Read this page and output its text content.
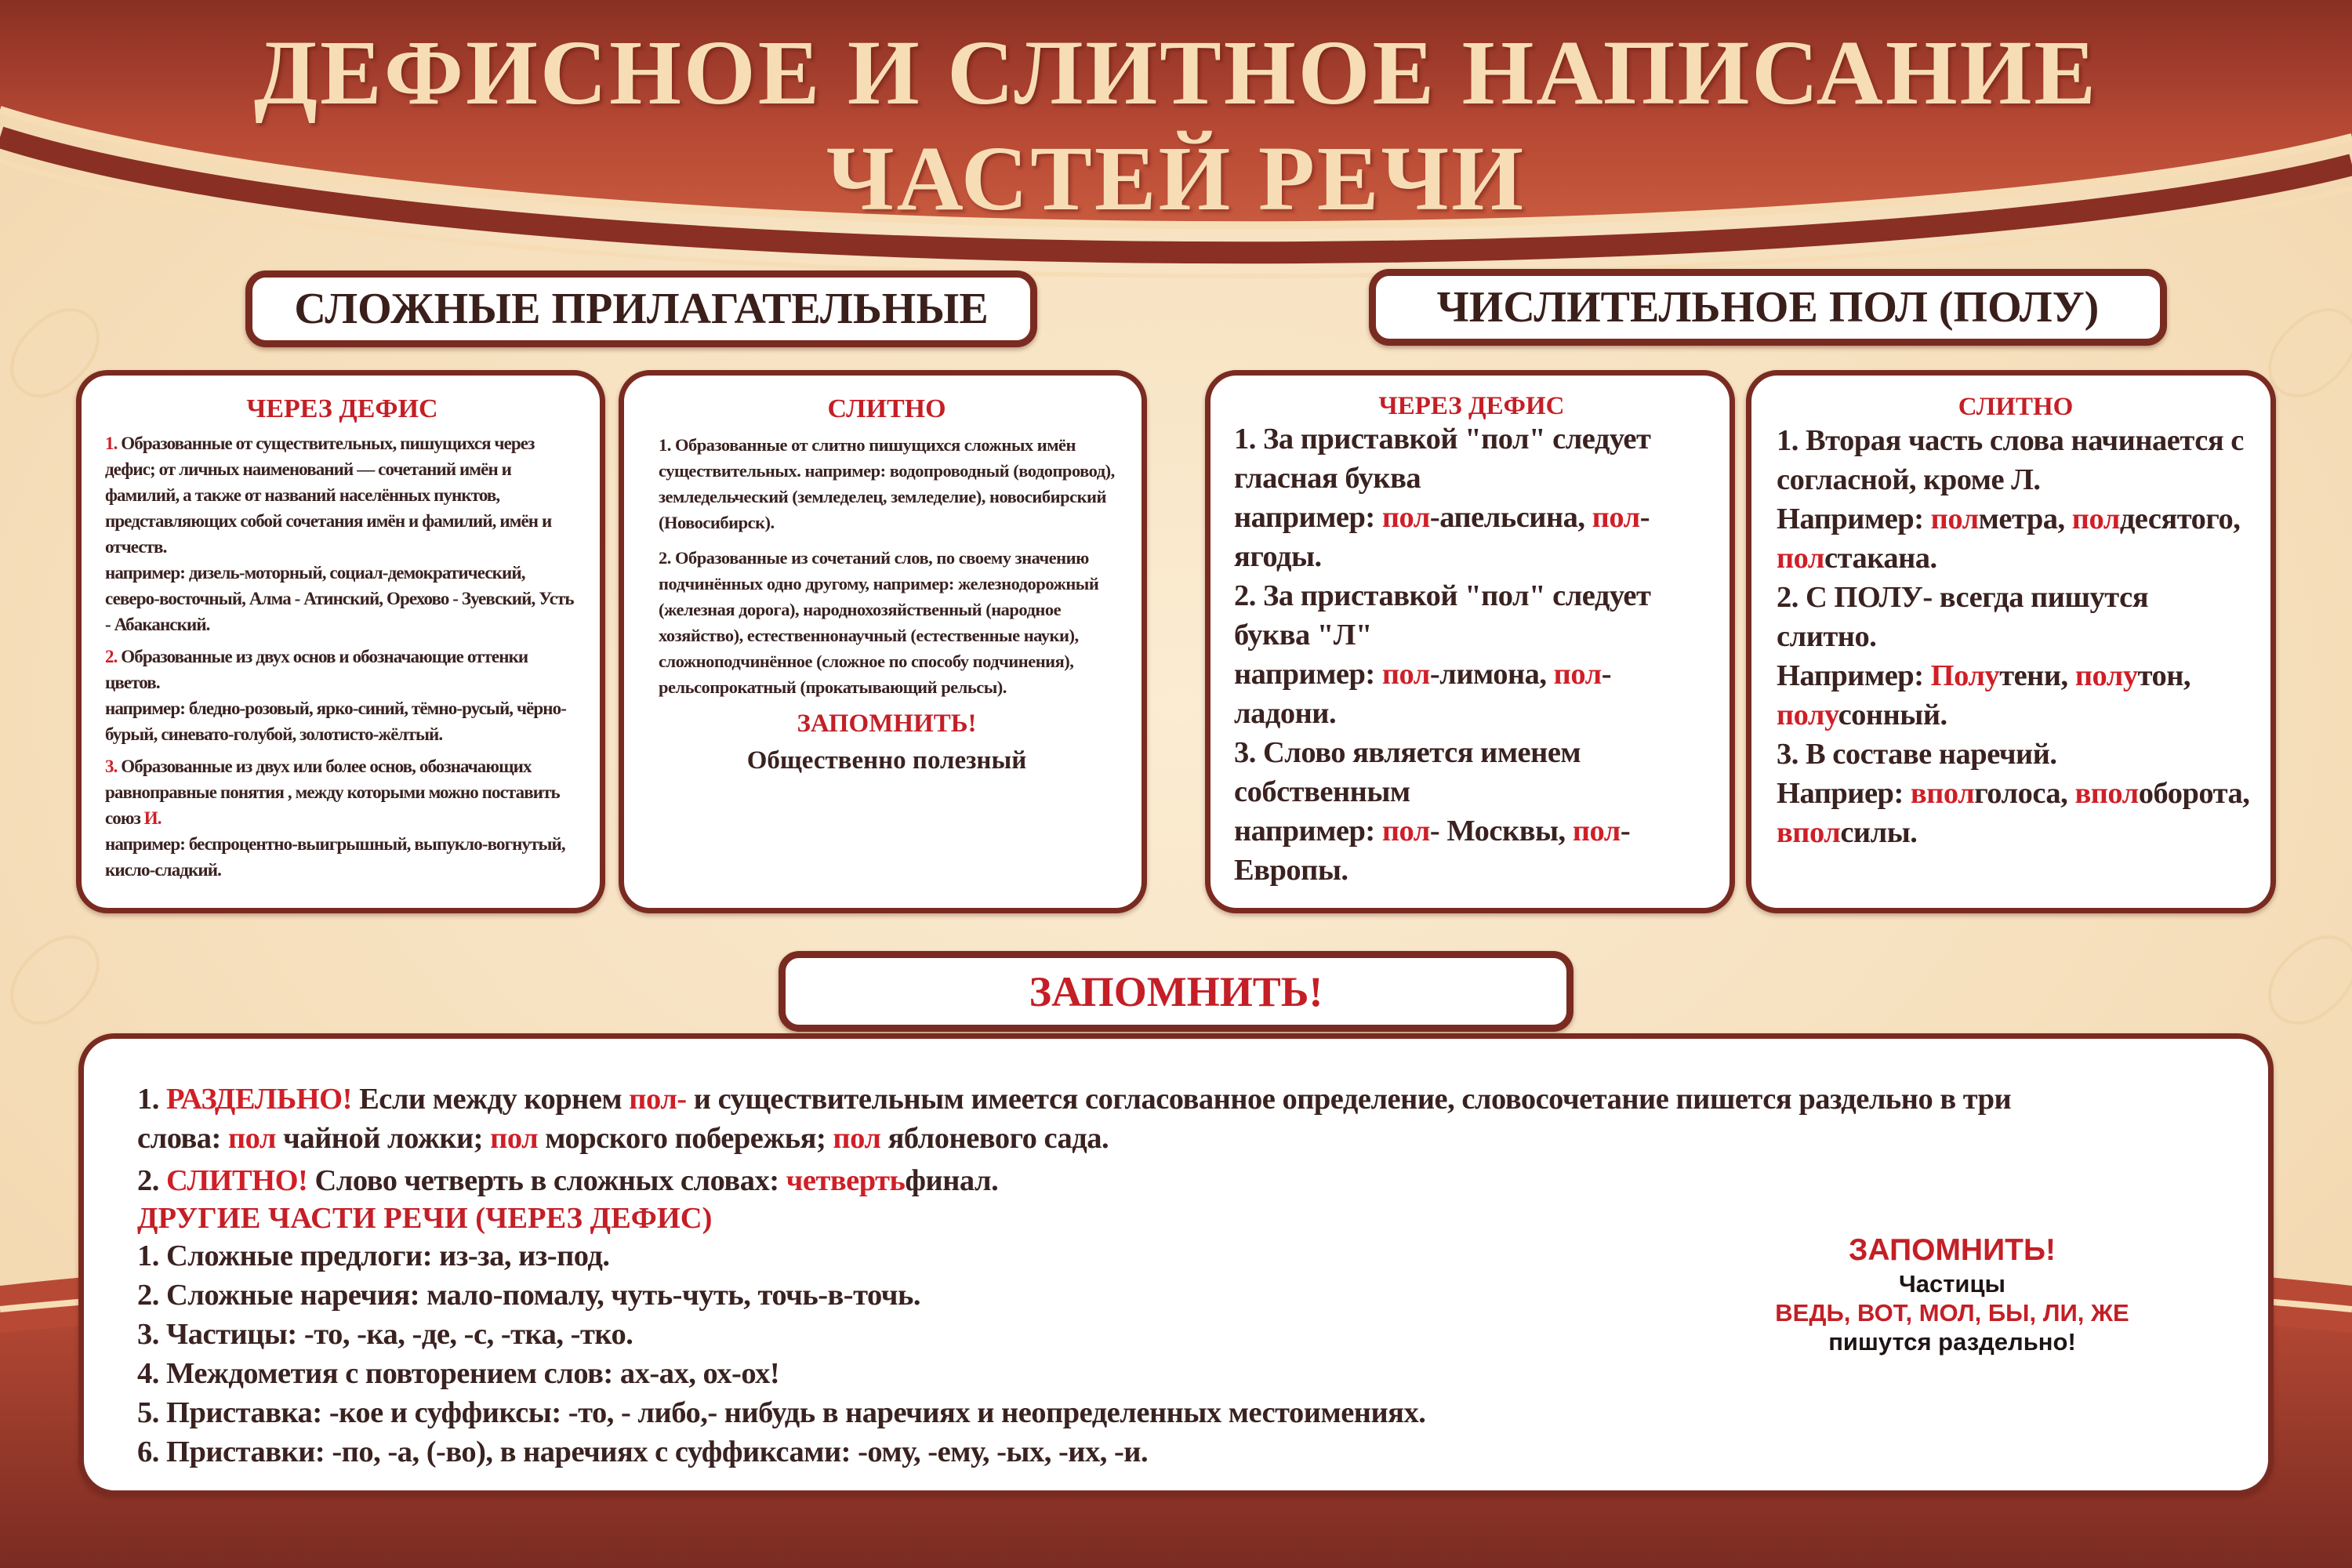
ДЕФИСНОЕ И СЛИТНОЕ НАПИСАНИЕ
ЧАСТЕЙ РЕЧИ
СЛОЖНЫЕ ПРИЛАГАТЕЛЬНЫЕ	ЧИСЛИТЕЛЬНОЕ ПОЛ (ПОЛУ)
ЗАПОМНИТЬ!
ЧЕРЕЗ ДЕФИС
1. Образованные от существительных, пишущихся через дефис; от личных наименований — сочетаний имён и фамилий, а также от названий населённых пунктов, представляющих собой сочетания имён и фамилий, имён и отчеств.
например: дизель-моторный, социал-демократический, северо-восточный, Алма - Атинский, Орехово - Зуевский, Усть - Абаканский.
2. Образованные из двух основ и обозначающие оттенки цветов.
например: бледно-розовый, ярко-синий, тёмно-русый, чёрно-бурый, синевато-голубой, золотисто-жёлтый.
3. Образованные из двух или более основ, обозначающих равноправные понятия , между которыми можно поставить союз И.
например: беспроцентно-выигрышный, выпукло-вогнутый, кисло-сладкий.
СЛИТНО
1. Образованные от слитно пишущихся сложных имён существительных. например: водопроводный (водопровод), земледельческий (земледелец, земледелие), новосибирский (Новосибирск).
2. Образованные из сочетаний слов, по своему значению подчинённых одно другому, например: железнодорожный (железная дорога), народнохозяйственный (народное хозяйство), естественнонаучный (естественные науки), сложноподчинённое (сложное по способу подчинения), рельсопрокатный (прокатывающий рельсы).
ЗАПОМНИТЬ!
Общественно полезный
ЧЕРЕЗ ДЕФИС
1. За приставкой "пол" следует гласная буква
например: пол-апельсина, пол-ягоды.
2. За приставкой "пол" следует буква "Л"
например: пол-лимона, пол-ладони.
3. Слово является именем собственным
например: пол- Москвы, пол-Европы.
СЛИТНО
1. Вторая часть слова начинается с согласной, кроме Л.
Например: полметра, полдесятого, полстакана.
2. С ПОЛУ- всегда пишутся слитно.
Например: Полутени, полутон, полусонный.
3. В составе наречий.
Наприер: вполголоса, вполоборота, вполсилы.
1. РАЗДЕЛЬНО! Если между корнем пол- и существительным имеется согласованное определение, словосочетание пишется раздельно в три
слова: пол чайной ложки; пол морского побережья; пол яблоневого сада.
2. СЛИТНО! Слово четверть в сложных словах: четвертьфинал.
ДРУГИЕ ЧАСТИ РЕЧИ (ЧЕРЕЗ ДЕФИС)
1. Сложные предлоги: из-за, из-под.
2. Сложные наречия: мало-помалу, чуть-чуть, точь-в-точь.
3. Частицы: -то, -ка, -де, -с, -тка, -тко.
4. Междометия с повторением слов: ах-ах, ох-ох!
5. Приставка: -кое и суффиксы: -то, - либо,- нибудь в наречиях и неопределенных местоимениях.
6. Приставки: -по, -а, (-во), в наречиях с суффиксами: -ому, -ему, -ых, -их, -и.
ЗАПОМНИТЬ!
Частицы
ВЕДЬ, ВОТ, МОЛ, БЫ, ЛИ, ЖЕ
пишутся раздельно!
